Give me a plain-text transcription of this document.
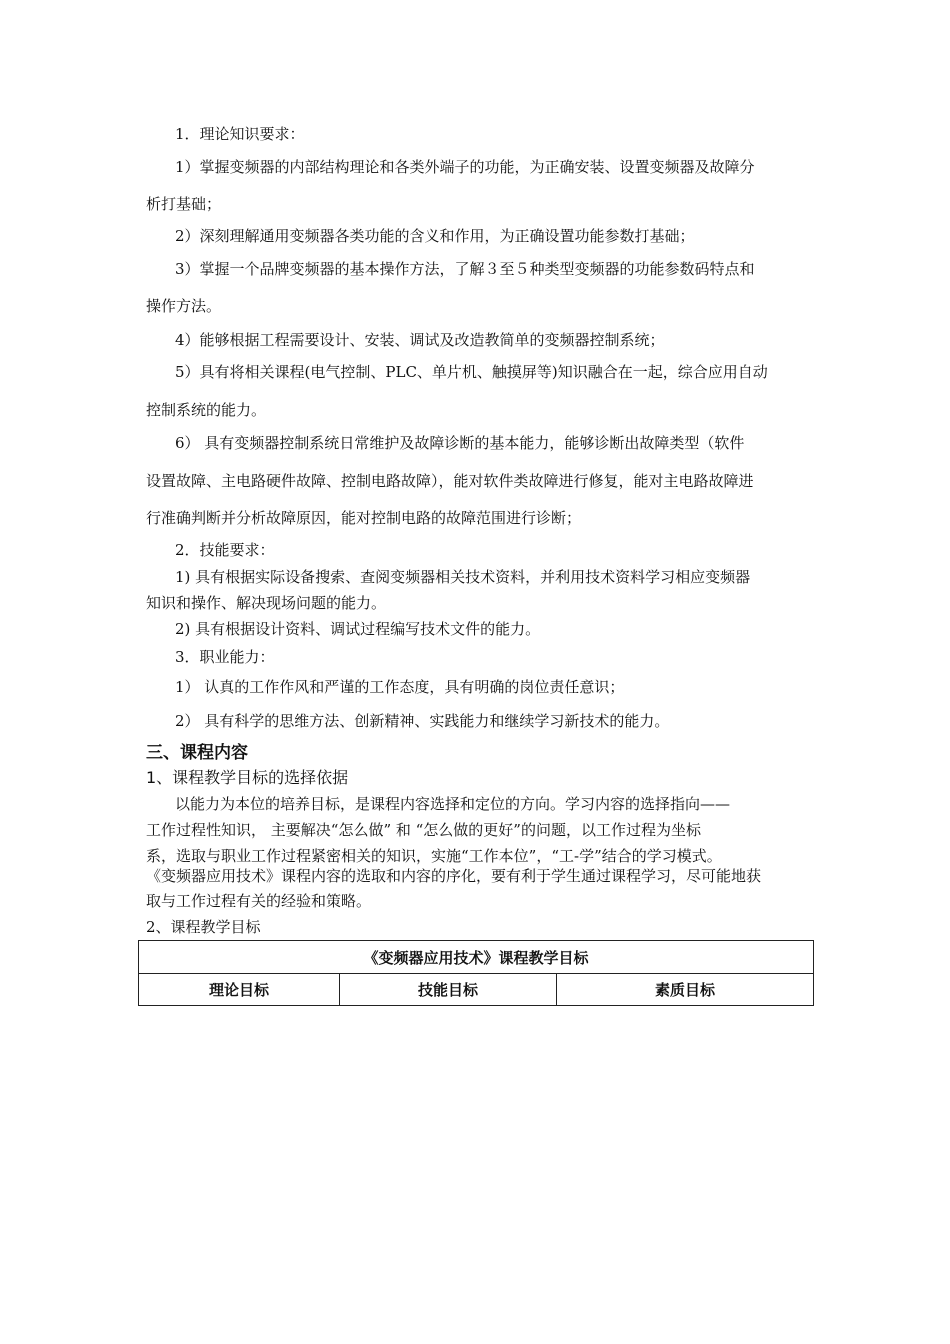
1．理论知识要求：
1）掌握变频器的内部结构理论和各类外端子的功能，为正确安装、设置变频器及故障分
析打基础；
2）深刻理解通用变频器各类功能的含义和作用，为正确设置功能参数打基础；
3）掌握一个品牌变频器的基本操作方法，了解３至５种类型变频器的功能参数码特点和
操作方法。
4）能够根据工程需要设计、安装、调试及改造教简单的变频器控制系统；
5）具有将相关课程(电气控制、PLC、单片机、触摸屏等)知识融合在一起，综合应用自动
控制系统的能力。
6） 具有变频器控制系统日常维护及故障诊断的基本能力，能够诊断出故障类型（软件
设置故障、主电路硬件故障、控制电路故障），能对软件类故障进行修复，能对主电路故障进
行准确判断并分析故障原因，能对控制电路的故障范围进行诊断；
2．技能要求：
1) 具有根据实际设备搜索、查阅变频器相关技术资料，并利用技术资料学习相应变频器
知识和操作、解决现场问题的能力。
2) 具有根据设计资料、调试过程编写技术文件的能力。
3．职业能力：
1） 认真的工作作风和严谨的工作态度，具有明确的岗位责任意识；
2） 具有科学的思维方法、创新精神、实践能力和继续学习新技术的能力。
三、课程内容
1、课程教学目标的选择依据
以能力为本位的培养目标，是课程内容选择和定位的方向。学习内容的选择指向——
工作过程性知识， 主要解决“怎么做” 和 “怎么做的更好”的问题，以工作过程为坐标
系，选取与职业工作过程紧密相关的知识，实施“工作本位”，“工-学”结合的学习模式。
《变频器应用技术》课程内容的选取和内容的序化，要有利于学生通过课程学习，尽可能地获
取与工作过程有关的经验和策略。
2、课程教学目标
《变频器应用技术》课程教学目标
理论目标	技能目标	素质目标
